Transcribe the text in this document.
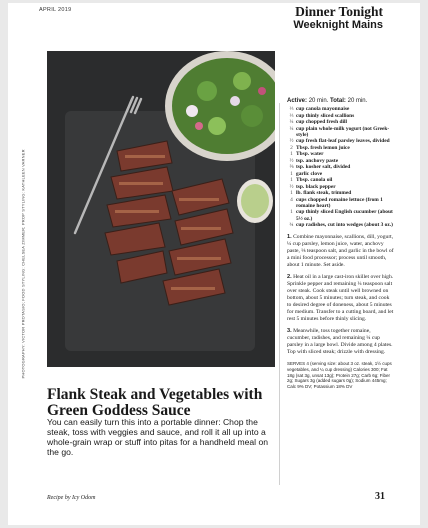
APRIL 2019	Dinner Tonight
Weeknight Mains
PHOTOGRAPHY: VICTOR PROTASIO; FOOD STYLING: CHELSEA ZIMMER; PROP STYLING: KATHLEEN VARNER
Active: 20 min. Total: 20 min.
⅓ cup canola mayonnaise
⅓ cup thinly sliced scallions
¼ cup chopped fresh dill
¼ cup plain whole-milk yogurt (not Greek-style)
½ cup fresh flat-leaf parsley leaves, divided
2 Tbsp. fresh lemon juice
1 Tbsp. water
½ tsp. anchovy paste
⅝ tsp. kosher salt, divided
1 garlic clove
1 Tbsp. canola oil
½ tsp. black pepper
1 lb. flank steak, trimmed
4 cups chopped romaine lettuce (from 1 romaine heart)
1 cup thinly sliced English cucumber (about 5½ oz.)
¾ cup radishes, cut into wedges (about 3 oz.)
1. Combine mayonnaise, scallions, dill, yogurt, ¼ cup parsley, lemon juice, water, anchovy paste, ⅛ teaspoon salt, and garlic in the bowl of a mini food processor; process until smooth, about 1 minute. Set aside.
2. Heat oil in a large cast-iron skillet over high. Sprinkle pepper and remaining ¼ teaspoon salt over steak. Cook steak until well browned on bottom, about 5 minutes; turn steak, and cook to desired degree of doneness, about 5 minutes for medium. Transfer to a cutting board, and let rest 5 minutes before thinly slicing.
3. Meanwhile, toss together romaine, cucumber, radishes, and remaining ¼ cup parsley in a large bowl. Divide among 4 plates. Top with sliced steak; drizzle with dressing.
SERVES 4 (serving size: about 3 oz. steak, 1½ cups vegetables, and ¼ cup dressing) Calories 300; Fat 18g (sat 3g, unsat 13g); Protein 27g; Carb 6g; Fiber 2g; Sugars 3g (added sugars 0g); Sodium 445mg; Calc 9% DV; Potassium 18% DV
Flank Steak and Vegetables with Green Goddess Sauce
You can easily turn this into a portable dinner: Chop the steak, toss with veggies and sauce, and roll it all up into a whole-grain wrap or stuff into pitas for a handheld meal on the go.
Recipe by Icy Odom	31
